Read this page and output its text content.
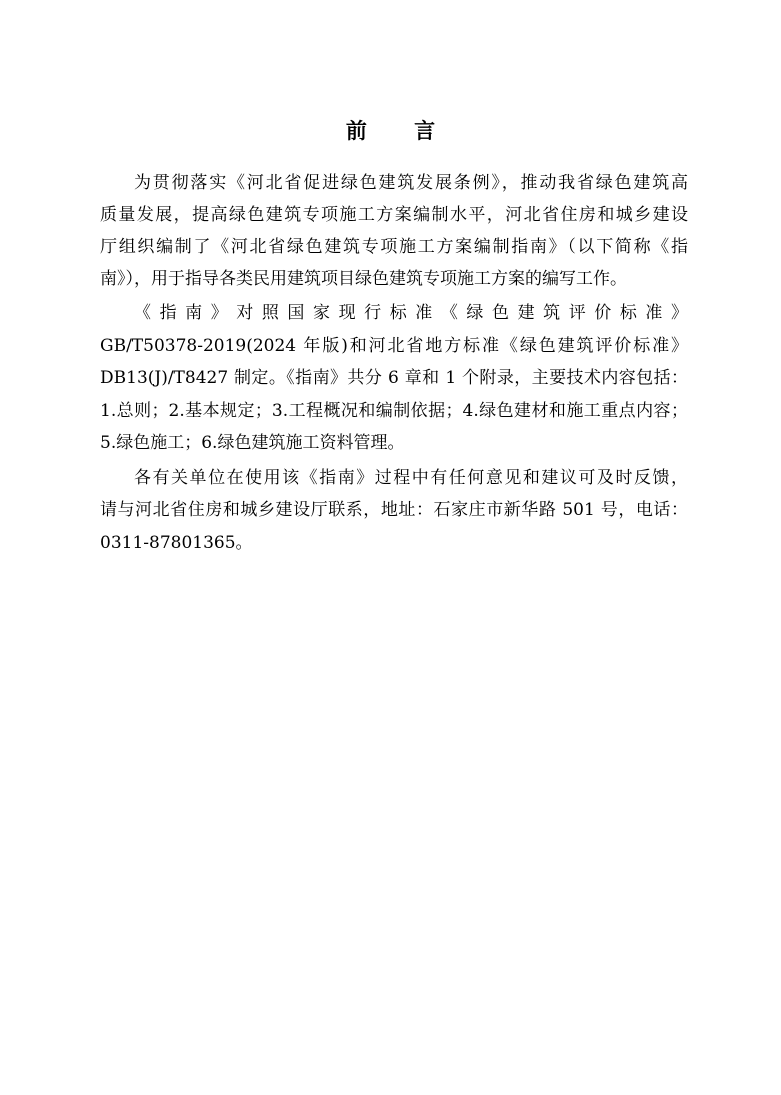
前 言
为贯彻落实《河北省促进绿色建筑发展条例》，推动我省绿色建筑高
质量发展，提高绿色建筑专项施工方案编制水平，河北省住房和城乡建设
厅组织编制了《河北省绿色建筑专项施工方案编制指南》（以下简称《指
南》），用于指导各类民用建筑项目绿色建筑专项施工方案的编写工作。
《指南》对照国家现行标准《绿色建筑评价标准》
GB/T50378-2019(2024 年版)和河北省地方标准《绿色建筑评价标准》
DB13(J)/T8427 制定。《指南》共分 6 章和 1 个附录，主要技术内容包括：
1.总则；2.基本规定；3.工程概况和编制依据；4.绿色建材和施工重点内容；
5.绿色施工；6.绿色建筑施工资料管理。
各有关单位在使用该《指南》过程中有任何意见和建议可及时反馈，
请与河北省住房和城乡建设厅联系，地址：石家庄市新华路 501 号，电话：
0311-87801365。
